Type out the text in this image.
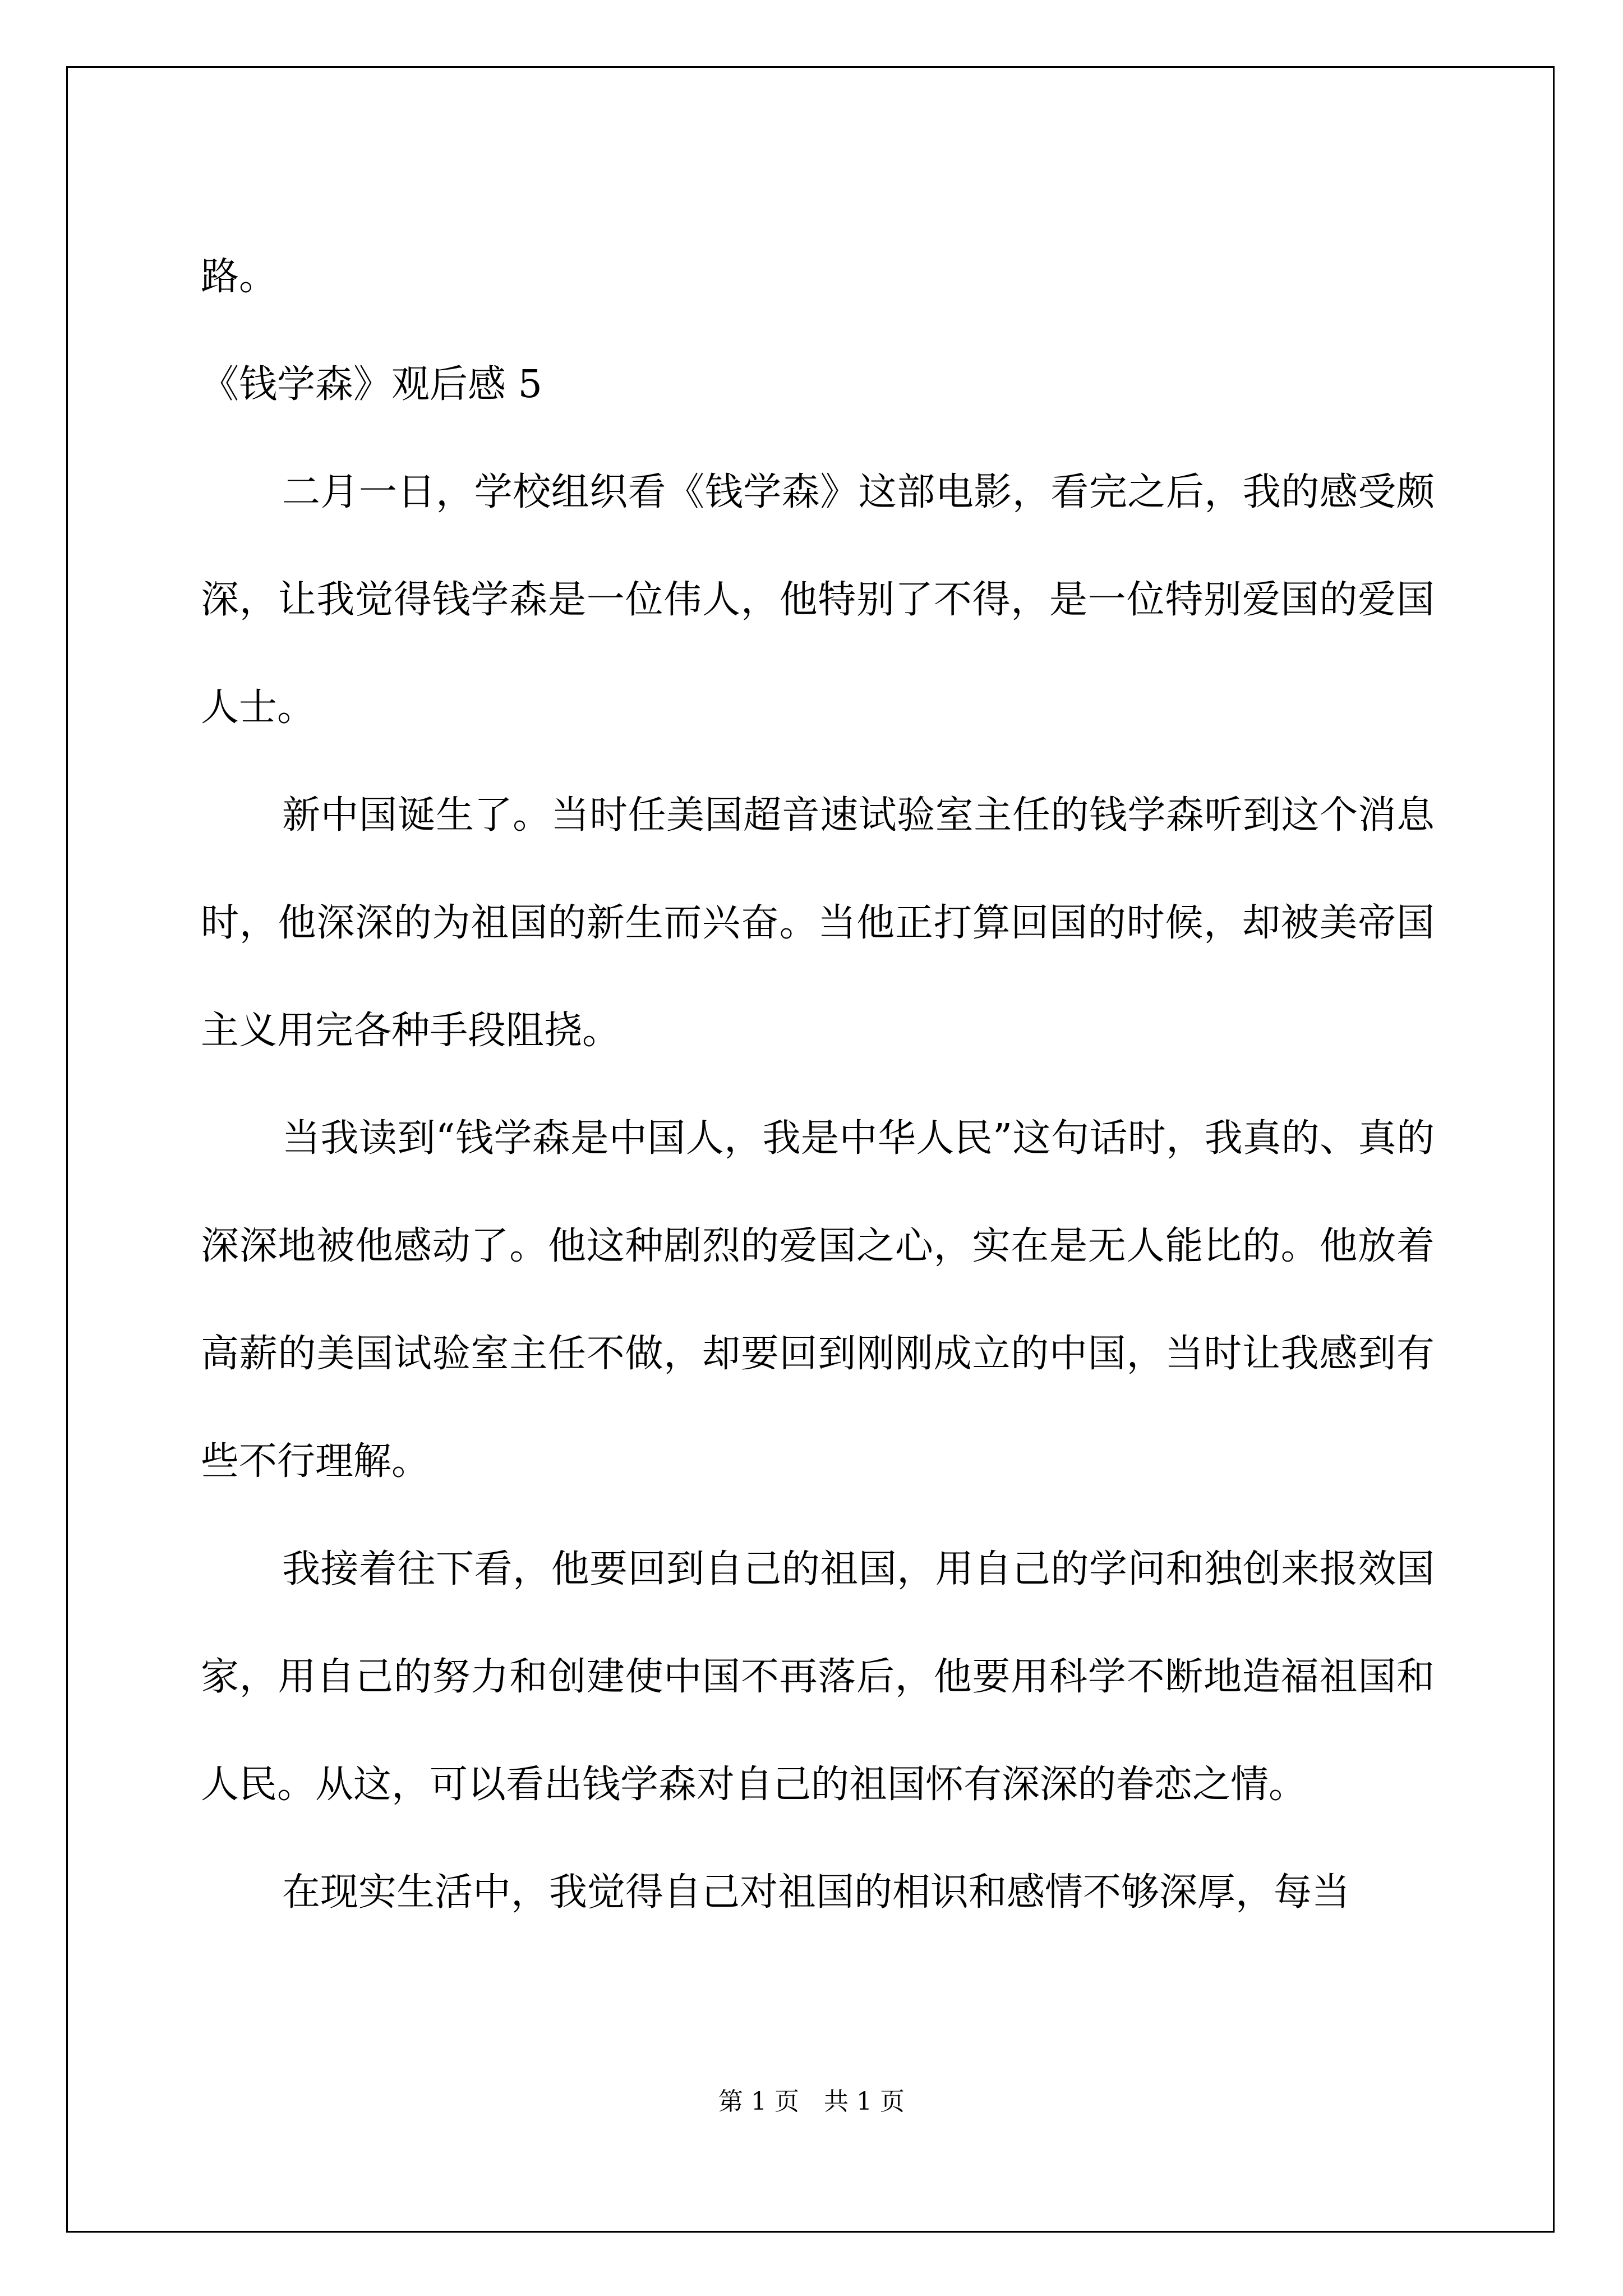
路。

《钱学森》观后感 5

二月一日，学校组织看《钱学森》这部电影，看完之后，我的感受颇深，让我觉得钱学森是一位伟人，他特别了不得，是一位特别爱国的爱国人士。

新中国诞生了。当时任美国超音速试验室主任的钱学森听到这个消息时，他深深的为祖国的新生而兴奋。当他正打算回国的时候，却被美帝国主义用完各种手段阻挠。

当我读到“钱学森是中国人，我是中华人民”这句话时，我真的、真的深深地被他感动了。他这种剧烈的爱国之心，实在是无人能比的。他放着高薪的美国试验室主任不做，却要回到刚刚成立的中国，当时让我感到有些不行理解。

我接着往下看，他要回到自己的祖国，用自己的学问和独创来报效国家，用自己的努力和创建使中国不再落后，他要用科学不断地造福祖国和人民。从这，可以看出钱学森对自己的祖国怀有深深的眷恋之情。

在现实生活中，我觉得自己对祖国的相识和感情不够深厚，每当

第 1 页　共 1 页
